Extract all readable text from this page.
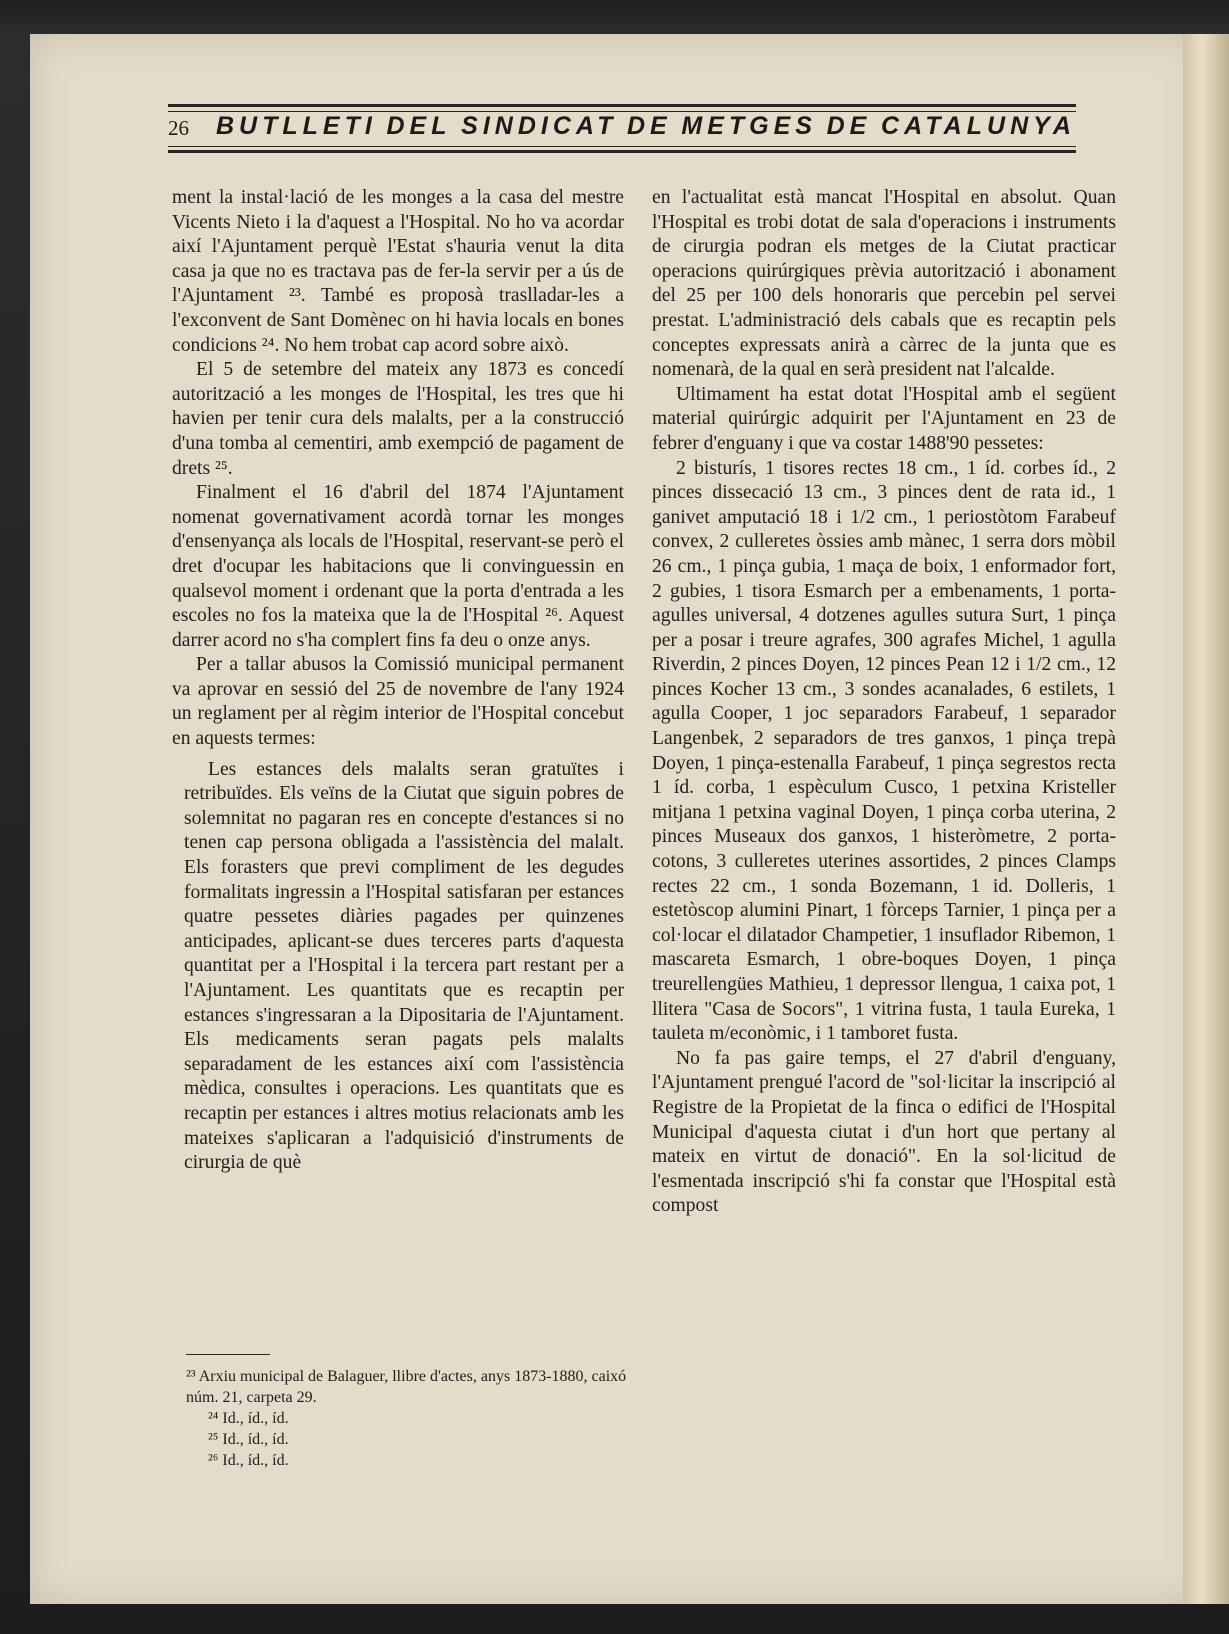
26 BUTLLETI DEL SINDICAT DE METGES DE CATALUNYA

ment la instal·lació de les monges a la casa del mestre Vicents Nieto i la d'aquest a l'Hospital. No ho va acordar així l'Ajuntament perquè l'Estat s'hauria venut la dita casa ja que no es tractava pas de fer-la servir per a ús de l'Ajuntament ²³. També es proposà traslladar-les a l'exconvent de Sant Domènec on hi havia locals en bones condicions ²⁴. No hem trobat cap acord sobre això.

El 5 de setembre del mateix any 1873 es concedí autorització a les monges de l'Hospital, les tres que hi havien per tenir cura dels malalts, per a la construcció d'una tomba al cementiri, amb exempció de pagament de drets ²⁵.

Finalment el 16 d'abril del 1874 l'Ajuntament nomenat governativament acordà tornar les monges d'ensenyança als locals de l'Hospital, reservant-se però el dret d'ocupar les habitacions que li convinguessin en qualsevol moment i ordenant que la porta d'entrada a les escoles no fos la mateixa que la de l'Hospital ²⁶. Aquest darrer acord no s'ha complert fins fa deu o onze anys.

Per a tallar abusos la Comissió municipal permanent va aprovar en sessió del 25 de novembre de l'any 1924 un reglament per al règim interior de l'Hospital concebut en aquests termes:

Les estances dels malalts seran gratuïtes i retribuïdes. Els veïns de la Ciutat que siguin pobres de solemnitat no pagaran res en concepte d'estances si no tenen cap persona obligada a l'assistència del malalt. Els forasters que previ compliment de les degudes formalitats ingressin a l'Hospital satisfaran per estances quatre pessetes diàries pagades per quinzenes anticipades, aplicant-se dues terceres parts d'aquesta quantitat per a l'Hospital i la tercera part restant per a l'Ajuntament. Les quantitats que es recaptin per estances s'ingressaran a la Dipositaria de l'Ajuntament. Els medicaments seran pagats pels malalts separadament de les estances així com l'assistència mèdica, consultes i operacions. Les quantitats que es recaptin per estances i altres motius relacionats amb les mateixes s'aplicaran a l'adquisició d'instruments de cirurgia de què

²³ Arxiu municipal de Balaguer, llibre d'actes, anys 1873-1880, caixó núm. 21, carpeta 29.
²⁴ Id., íd., íd.
²⁵ Id., íd., íd.
²⁶ Id., íd., íd.

en l'actualitat està mancat l'Hospital en absolut. Quan l'Hospital es trobi dotat de sala d'operacions i instruments de cirurgia podran els metges de la Ciutat practicar operacions quirúrgiques prèvia autorització i abonament del 25 per 100 dels honoraris que percebin pel servei prestat. L'administració dels cabals que es recaptin pels conceptes expressats anirà a càrrec de la junta que es nomenarà, de la qual en serà president nat l'alcalde.

Ultimament ha estat dotat l'Hospital amb el següent material quirúrgic adquirit per l'Ajuntament en 23 de febrer d'enguany i que va costar 1488'90 pessetes:

2 bisturís, 1 tisores rectes 18 cm., 1 íd. corbes íd., 2 pinces dissecació 13 cm., 3 pinces dent de rata id., 1 ganivet amputació 18 i 1/2 cm., 1 periostòtom Farabeuf convex, 2 culleretes òssies amb mànec, 1 serra dors mòbil 26 cm., 1 pinça gubia, 1 maça de boix, 1 enformador fort, 2 gubies, 1 tisora Esmarch per a embenaments, 1 porta-agulles universal, 4 dotzenes agulles sutura Surt, 1 pinça per a posar i treure agrafes, 300 agrafes Michel, 1 agulla Riverdin, 2 pinces Doyen, 12 pinces Pean 12 i 1/2 cm., 12 pinces Kocher 13 cm., 3 sondes acanalades, 6 estilets, 1 agulla Cooper, 1 joc separadors Farabeuf, 1 separador Langenbek, 2 separadors de tres ganxos, 1 pinça trepà Doyen, 1 pinça-estenalla Farabeuf, 1 pinça segrestos recta 1 íd. corba, 1 espèculum Cusco, 1 petxina Kristeller mitjana 1 petxina vaginal Doyen, 1 pinça corba uterina, 2 pinces Museaux dos ganxos, 1 histeròmetre, 2 porta-cotons, 3 culleretes uterines assortides, 2 pinces Clamps rectes 22 cm., 1 sonda Bozemann, 1 id. Dolleris, 1 estetòscop alumini Pinart, 1 fòrceps Tarnier, 1 pinça per a col·locar el dilatador Champetier, 1 insuflador Ribemon, 1 mascareta Esmarch, 1 obre-boques Doyen, 1 pinça treurellengües Mathieu, 1 depressor llengua, 1 caixa pot, 1 llitera "Casa de Socors", 1 vitrina fusta, 1 taula Eureka, 1 tauleta m/econòmic, i 1 tamboret fusta.

No fa pas gaire temps, el 27 d'abril d'enguany, l'Ajuntament prengué l'acord de "sol·licitar la inscripció al Registre de la Propietat de la finca o edifici de l'Hospital Municipal d'aquesta ciutat i d'un hort que pertany al mateix en virtut de donació". En la sol·licitud de l'esmentada inscripció s'hi fa constar que l'Hospital està compost
